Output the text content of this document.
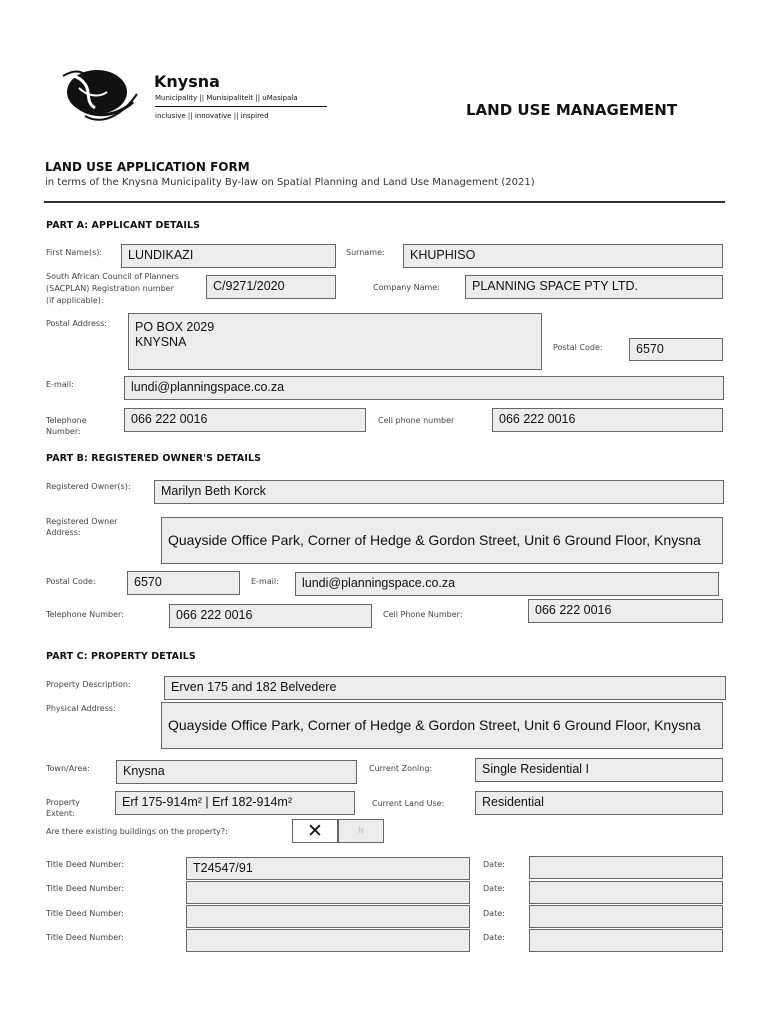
Knysna
Municipality || Munisipaliteit || uMasipala
inclusive || innovative || inspired	LAND USE MANAGEMENT
LAND USE APPLICATION FORM
in terms of the Knysna Municipality By-law on Spatial Planning and Land Use Management (2021)
PART A: APPLICANT DETAILS
First Name(s):	LUNDIKAZI	Surname:	KHUPHISO
South African Council of Planners
(SACPLAN) Registration number
(if applicable):
C/9271/2020	Company Name:	PLANNING SPACE PTY LTD.
Postal Address:	PO BOX 2029
KNYSNA	Postal Code:	6570
E-mail:	lundi@planningspace.co.za
Telephone
Number:
066 222 0016	Cell phone number	066 222 0016
PART B: REGISTERED OWNER'S DETAILS
Registered Owner(s):	Marilyn Beth Korck
Registered Owner
Address:	Quayside Office Park, Corner of Hedge & Gordon Street, Unit 6 Ground Floor, Knysna
Postal Code:	6570	E-mail:	lundi@planningspace.co.za
Telephone Number:	066 222 0016	Cell Phone Number:	066 222 0016
PART C: PROPERTY DETAILS
Property Description:	Erven 175 and 182 Belvedere
Physical Address:
Quayside Office Park, Corner of Hedge & Gordon Street, Unit 6 Ground Floor, Knysna
Town/Area:	Knysna	Current Zoning:	Single Residential I
Property
Extent:
Erf 175-914m² | Erf 182-914m²	Current Land Use:	Residential
Are there existing buildings on the property?:	✕	N
Title Deed Number:	T24547/91	Date:
Title Deed Number:	Date:
Title Deed Number:	Date:
Title Deed Number:	Date:
